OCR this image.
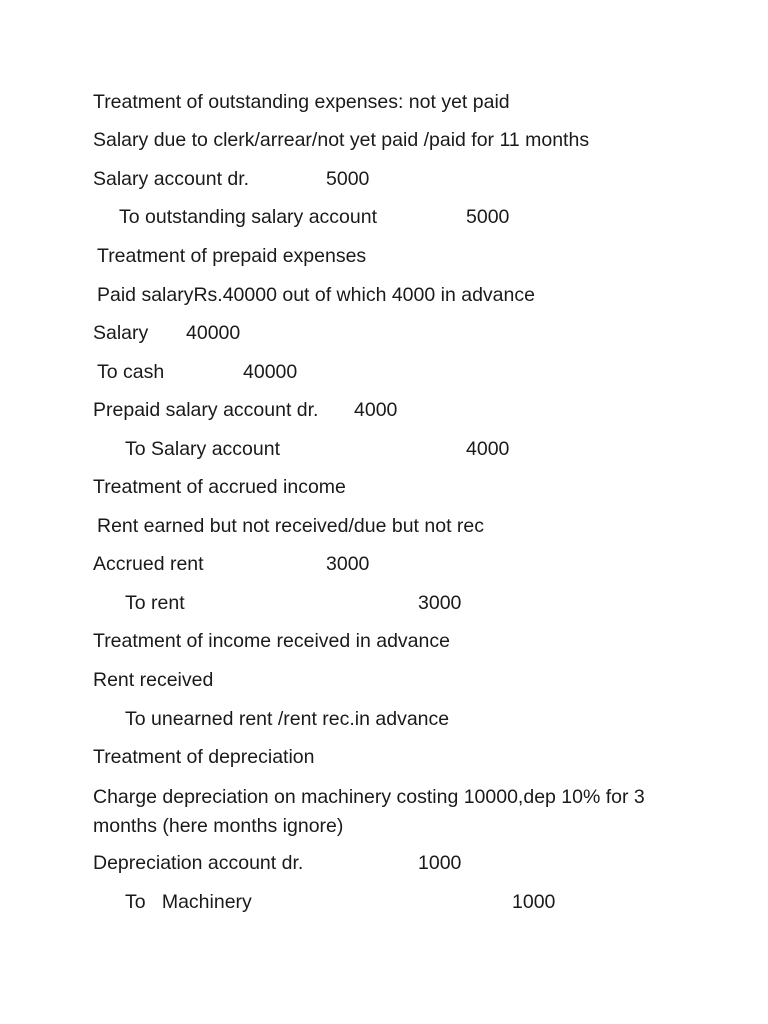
Treatment of outstanding expenses: not yet paid
Salary due to clerk/arrear/not yet paid /paid for 11 months
Salary account dr.	5000
To outstanding salary account	5000
Treatment of prepaid expenses
Paid salaryRs.40000 out of which 4000 in advance
Salary 40000
To cash	40000
Prepaid salary account dr. 4000
To Salary account	4000
Treatment of accrued income
Rent earned but not received/due but not rec
Accrued rent	3000
To rent	3000
Treatment of income received in advance
Rent received
To unearned rent /rent rec.in advance
Treatment of depreciation
Charge depreciation on machinery costing 10000,dep 10% for 3 months (here months ignore)
Depreciation account dr.	1000
To   Machinery	1000
